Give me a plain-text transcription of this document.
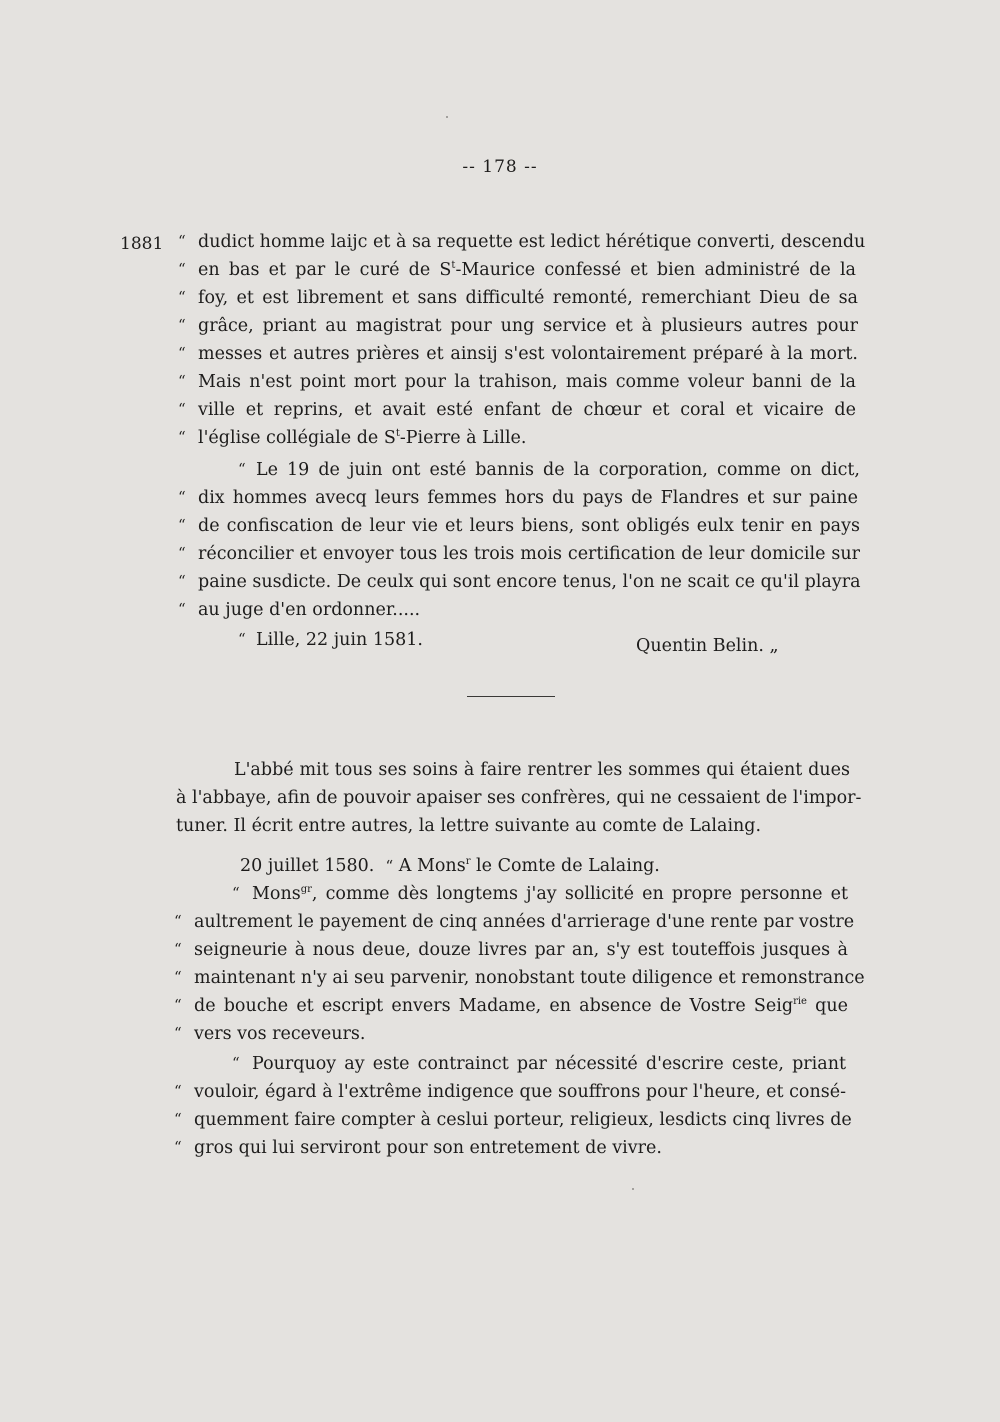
-- 178 --
1881 “
“
“
“
“
“
“
“
dudict homme laijc et à sa requette est ledict hérétique converti, descendu
en bas et par le curé de $S^t$-Maurice confessé et bien administré de la
foy, et est librement et sans difficulté remonté, remerchiant Dieu de sa
grâce, priant au magistrat pour ung service et à plusieurs autres pour
messes et autres prières et ainsij s'est volontairement préparé à la mort.
Mais n'est point mort pour la trahison, mais comme voleur banni de la
ville et reprins, et avait esté enfant de chœur et coral et vicaire de
l'église collégiale de $S^t$-Pierre à Lille.
“ Le 19 de juin ont esté bannis de la corporation, comme on dict,
“
“
“
“
“
dix hommes avecq leurs femmes hors du pays de Flandres et sur paine
de confiscation de leur vie et leurs biens, sont obligés eulx tenir en pays
réconcilier et envoyer tous les trois mois certification de leur domicile sur
paine susdicte. De ceulx qui sont encore tenus, l'on ne scait ce qu'il playra
au juge d'en ordonner.....
“ Lille, 22 juin 1581.	Quentin Belin. „
L'abbé mit tous ses soins à faire rentrer les sommes qui étaient dues
à l'abbaye, afin de pouvoir apaiser ses confrères, qui ne cessaient de l'impor-
tuner. Il écrit entre autres, la lettre suivante au comte de Lalaing.
20 juillet 1580. “ A Mons$^r$ le Comte de Lalaing.
“ Mons$^{gr}$, comme dès longtems j'ay sollicité en propre personne et
“
“
“
“
“
aultrement le payement de cinq années d'arrierage d'une rente par vostre
seigneurie à nous deue, douze livres par an, s'y est touteffois jusques à
maintenant n'y ai seu parvenir, nonobstant toute diligence et remonstrance
de bouche et escript envers Madame, en absence de Vostre Seig$^{rie}$ que
vers vos receveurs.
“ Pourquoy ay este contrainct par nécessité d'escrire ceste, priant
“
“
“
vouloir, égard à l'extrême indigence que souffrons pour l'heure, et consé-
quemment faire compter à ceslui porteur, religieux, lesdicts cinq livres de
gros qui lui serviront pour son entretement de vivre.
